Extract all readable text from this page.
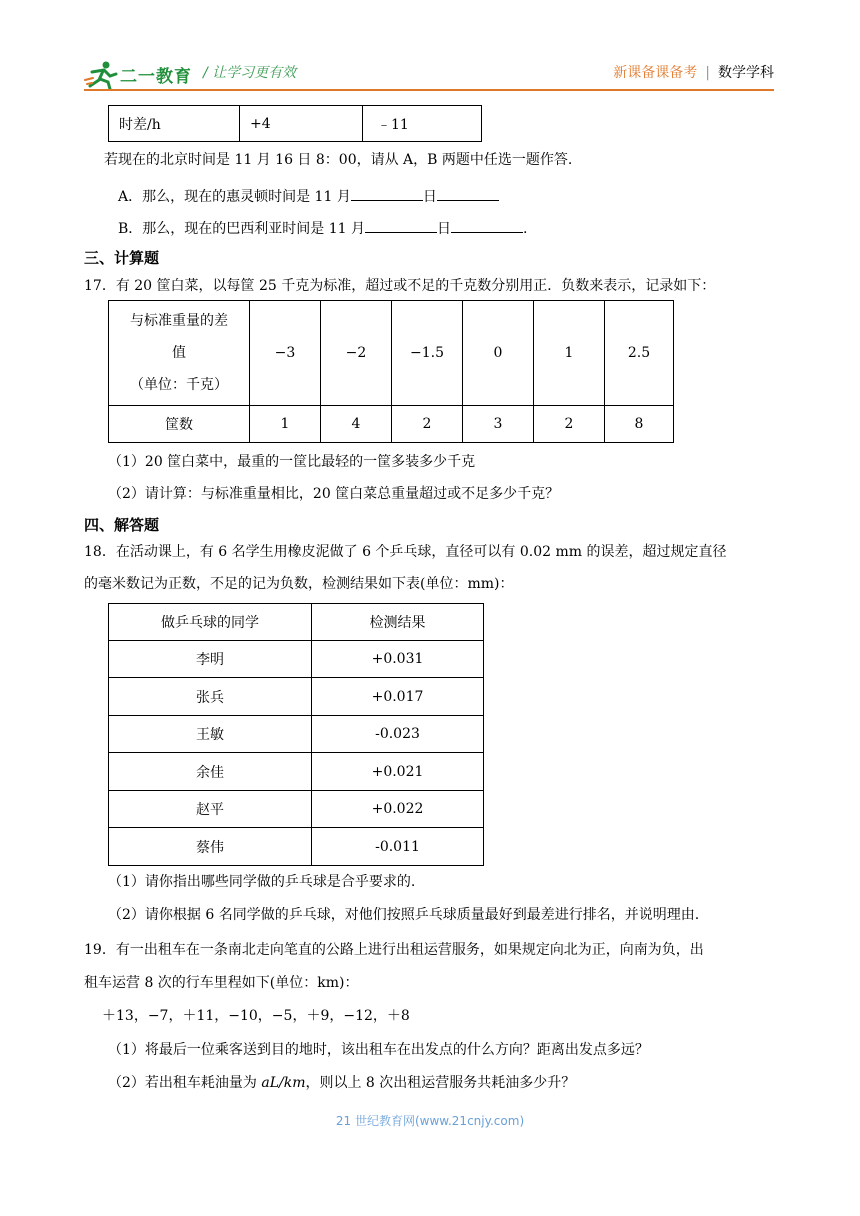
二一教育 / 让学习更有效	新课备课备考 | 数学学科
时差/h	+4	﹣11
若现在的北京时间是 11 月 16 日 8：00，请从 A，B 两题中任选一题作答.
A．那么，现在的惠灵顿时间是 11 月	日
B．那么，现在的巴西利亚时间是 11 月	日	.
三、计算题
17．有 20 筐白菜，以每筐 25 千克为标准，超过或不足的千克数分别用正．负数来表示，记录如下：
与标准重量的差
值
（单位：千克）	−3	−2	−1.5	0	1	2.5
筐数	1	4	2	3	2	8
（1）20 筐白菜中，最重的一筐比最轻的一筐多装多少千克
（2）请计算：与标准重量相比，20 筐白菜总重量超过或不足多少千克？
四、解答题
18．在活动课上，有 6 名学生用橡皮泥做了 6 个乒乓球，直径可以有 0.02 mm 的误差，超过规定直径
的毫米数记为正数，不足的记为负数，检测结果如下表(单位：mm)：
做乒乓球的同学	检测结果
李明	+0.031
张兵	+0.017
王敏	-0.023
余佳	+0.021
赵平	+0.022
蔡伟	-0.011
（1）请你指出哪些同学做的乒乓球是合乎要求的.
（2）请你根据 6 名同学做的乒乓球，对他们按照乒乓球质量最好到最差进行排名，并说明理由.
19．有一出租车在一条南北走向笔直的公路上进行出租运营服务，如果规定向北为正，向南为负，出
租车运营 8 次的行车里程如下(单位：km)：
＋13，−7，＋11，−10，−5，＋9，−12，＋8
（1）将最后一位乘客送到目的地时，该出租车在出发点的什么方向？距离出发点多远？
（2）若出租车耗油量为 aL/km，则以上 8 次出租运营服务共耗油多少升？
21 世纪教育网(www.21cnjy.com)
